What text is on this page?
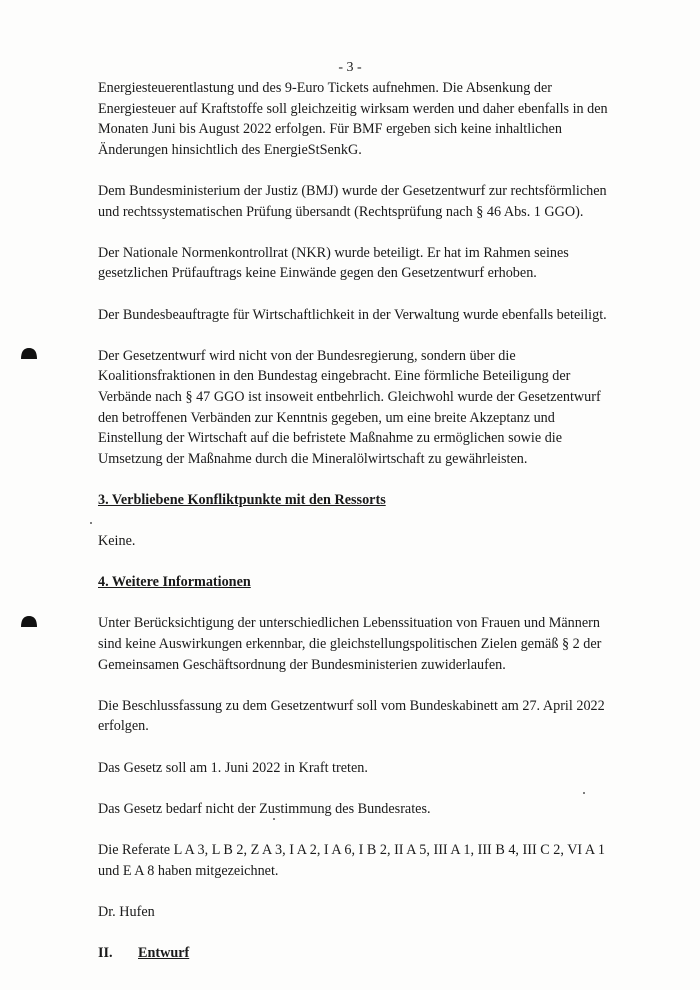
- 3 -

Energiesteuerentlastung und des 9-Euro Tickets aufnehmen. Die Absenkung der Energiesteuer auf Kraftstoffe soll gleichzeitig wirksam werden und daher ebenfalls in den Monaten Juni bis August 2022 erfolgen. Für BMF ergeben sich keine inhaltlichen Änderungen hinsichtlich des EnergieStSenkG.

Dem Bundesministerium der Justiz (BMJ) wurde der Gesetzentwurf zur rechtsförmlichen und rechtssystematischen Prüfung übersandt (Rechtsprüfung nach § 46 Abs. 1 GGO).

Der Nationale Normenkontrollrat (NKR) wurde beteiligt. Er hat im Rahmen seines gesetzlichen Prüfauftrags keine Einwände gegen den Gesetzentwurf erhoben.

Der Bundesbeauftragte für Wirtschaftlichkeit in der Verwaltung wurde ebenfalls beteiligt.

Der Gesetzentwurf wird nicht von der Bundesregierung, sondern über die Koalitionsfraktionen in den Bundestag eingebracht. Eine förmliche Beteiligung der Verbände nach § 47 GGO ist insoweit entbehrlich. Gleichwohl wurde der Gesetzentwurf den betroffenen Verbänden zur Kenntnis gegeben, um eine breite Akzeptanz und Einstellung der Wirtschaft auf die befristete Maßnahme zu ermöglichen sowie die Umsetzung der Maßnahme durch die Mineralölwirtschaft zu gewährleisten.

3. Verbliebene Konfliktpunkte mit den Ressorts

Keine.

4. Weitere Informationen

Unter Berücksichtigung der unterschiedlichen Lebenssituation von Frauen und Männern sind keine Auswirkungen erkennbar, die gleichstellungspolitischen Zielen gemäß § 2 der Gemeinsamen Geschäftsordnung der Bundesministerien zuwiderlaufen.

Die Beschlussfassung zu dem Gesetzentwurf soll vom Bundeskabinett am 27. April 2022 erfolgen.

Das Gesetz soll am 1. Juni 2022 in Kraft treten.

Das Gesetz bedarf nicht der Zustimmung des Bundesrates.

Die Referate L A 3, L B 2, Z A 3, I A 2, I A 6, I B 2, II A 5, III A 1, III B 4, III C 2, VI A 1 und E A 8 haben mitgezeichnet.

Dr. Hufen

II. Entwurf
